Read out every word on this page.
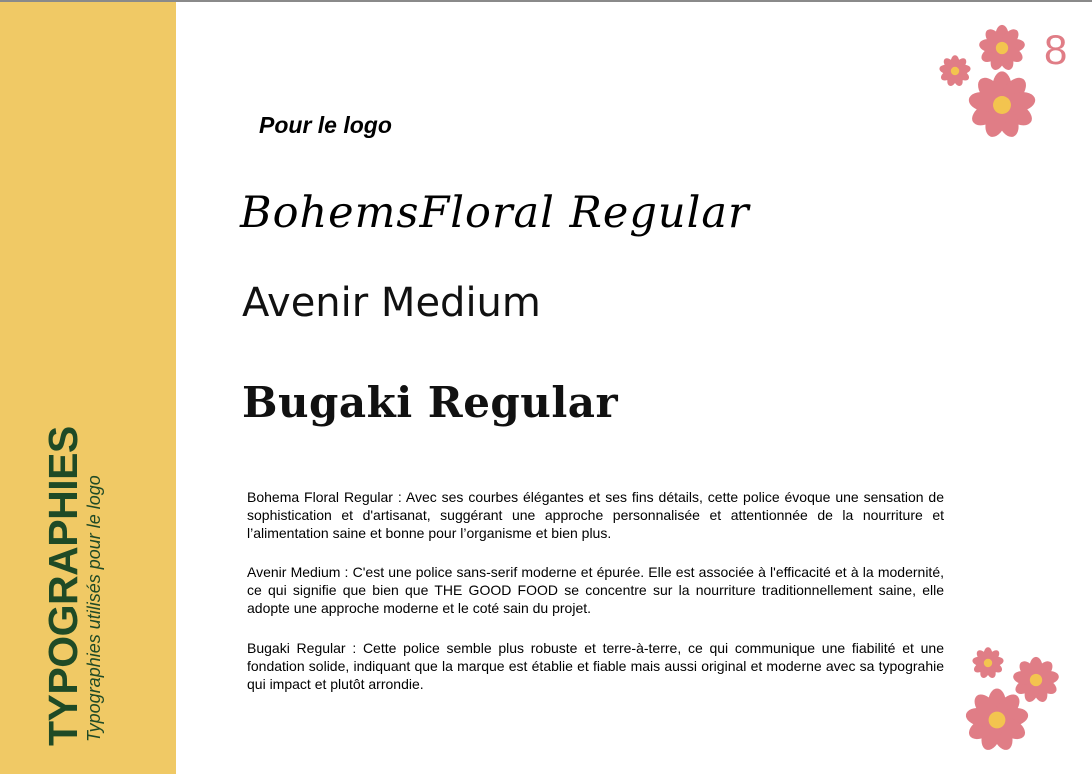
TYPOGRAPHIES
Typographies utilisés pour le logo
8
Pour le logo
BohemsFloral Regular
Avenir Medium
Bugaki Regular

Bohema Floral Regular : Avec ses courbes élégantes et ses fins détails, cette police évoque une sensation de sophistication et d'artisanat, suggérant une approche personnalisée et attentionnée de la nourriture et l’alimentation saine et bonne pour l’organisme et bien plus.

Avenir Medium : C'est une police sans-serif moderne et épurée. Elle est associée à l'efficacité et à la modernité, ce qui signifie que bien que THE GOOD FOOD se concentre sur la nourriture traditionnellement saine, elle adopte une approche moderne et le coté sain du projet.

Bugaki Regular : Cette police semble plus robuste et terre-à-terre, ce qui communique une fiabilité et une fondation solide, indiquant que la marque est établie et fiable mais aussi original et moderne avec sa typograhie qui impact et plutôt arrondie.
